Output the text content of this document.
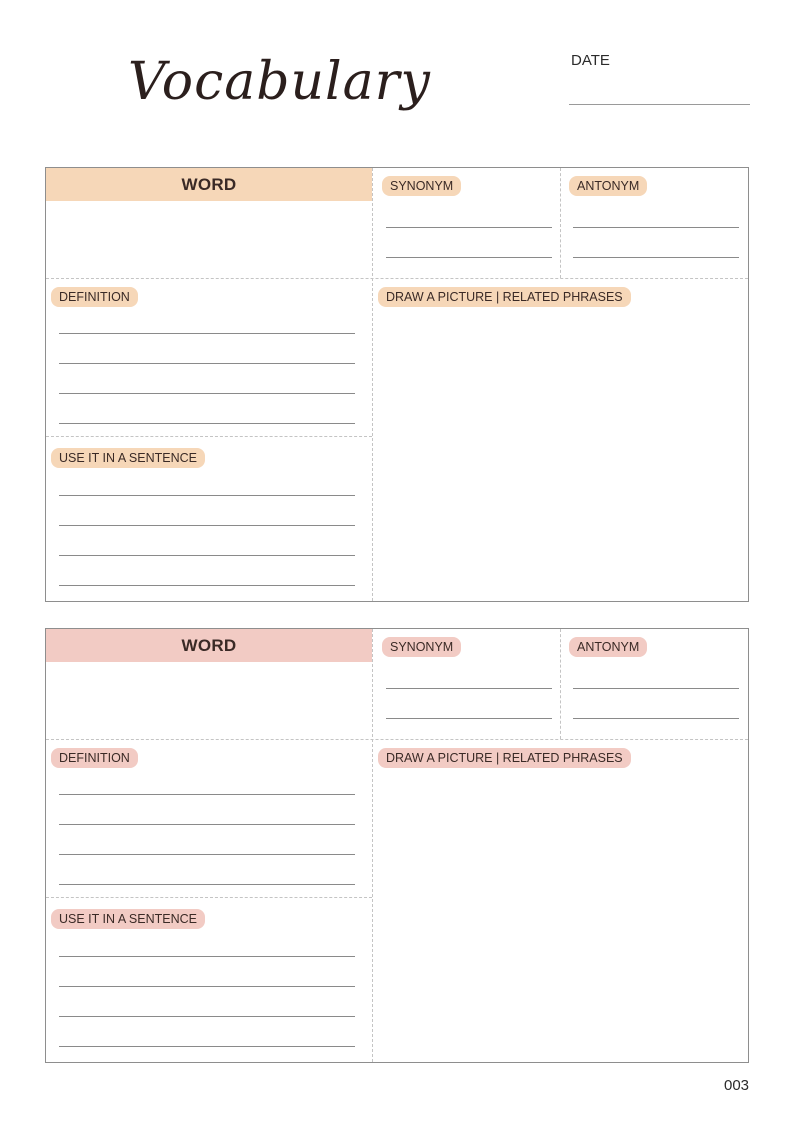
Vocabulary	DATE
WORD	SYNONYM	ANTONYM
DEFINITION	DRAW A PICTURE | RELATED PHRASES
USE IT IN A SENTENCE
WORD	SYNONYM	ANTONYM
DEFINITION	DRAW A PICTURE | RELATED PHRASES
USE IT IN A SENTENCE
003
